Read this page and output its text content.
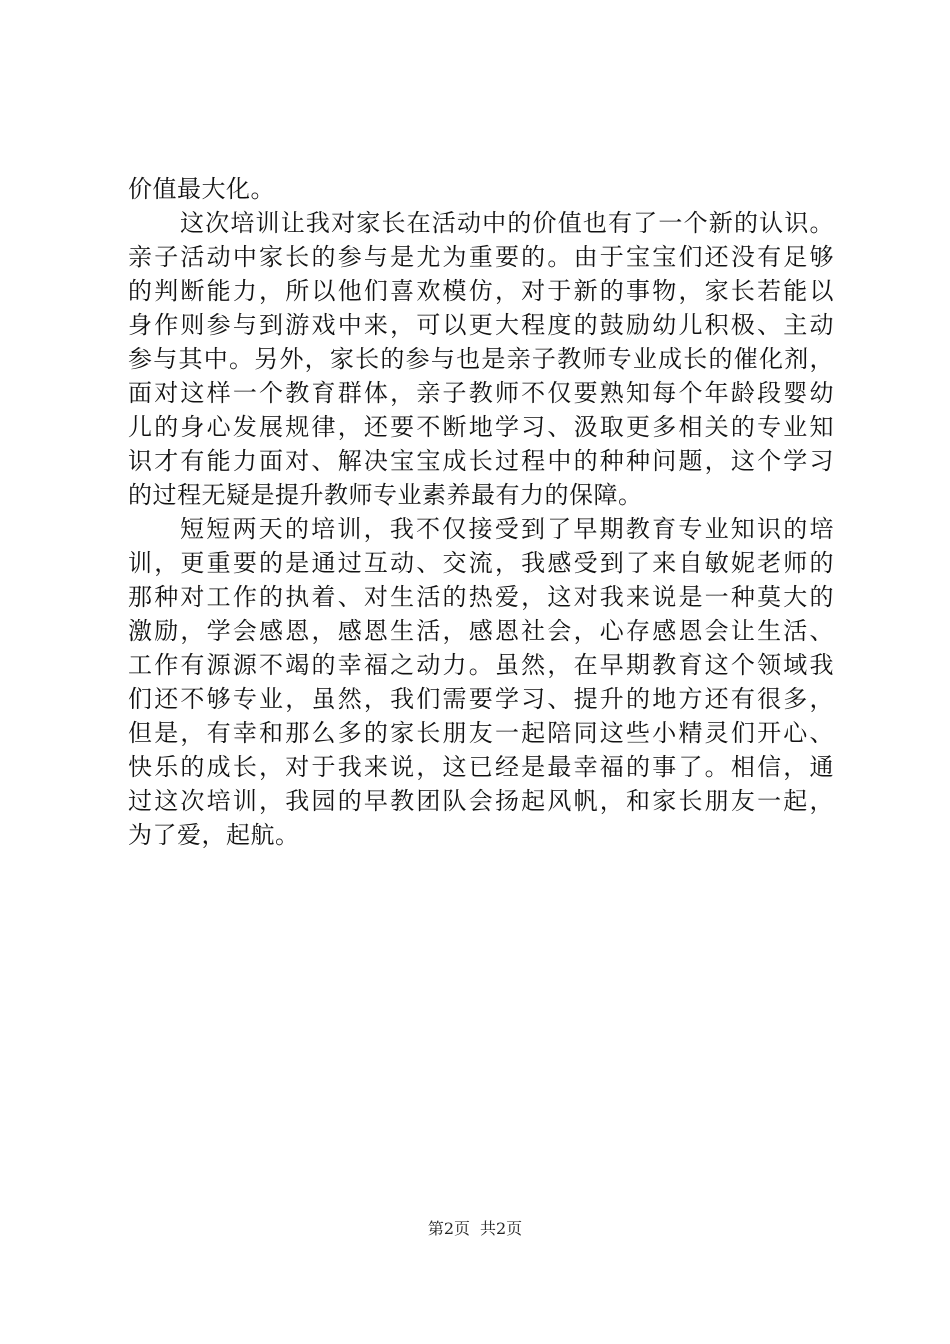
价值最大化。
这次培训让我对家长在活动中的价值也有了一个新的认识。
亲子活动中家长的参与是尤为重要的。由于宝宝们还没有足够
的判断能力，所以他们喜欢模仿，对于新的事物，家长若能以
身作则参与到游戏中来，可以更大程度的鼓励幼儿积极、主动
参与其中。另外，家长的参与也是亲子教师专业成长的催化剂，
面对这样一个教育群体，亲子教师不仅要熟知每个年龄段婴幼
儿的身心发展规律，还要不断地学习、汲取更多相关的专业知
识才有能力面对、解决宝宝成长过程中的种种问题，这个学习
的过程无疑是提升教师专业素养最有力的保障。
短短两天的培训，我不仅接受到了早期教育专业知识的培
训，更重要的是通过互动、交流，我感受到了来自敏妮老师的
那种对工作的执着、对生活的热爱，这对我来说是一种莫大的
激励，学会感恩，感恩生活，感恩社会，心存感恩会让生活、
工作有源源不竭的幸福之动力。虽然，在早期教育这个领域我
们还不够专业，虽然，我们需要学习、提升的地方还有很多，
但是，有幸和那么多的家长朋友一起陪同这些小精灵们开心、
快乐的成长，对于我来说，这已经是最幸福的事了。相信，通
过这次培训，我园的早教团队会扬起风帆，和家长朋友一起，
为了爱，起航。
第2页 共2页
